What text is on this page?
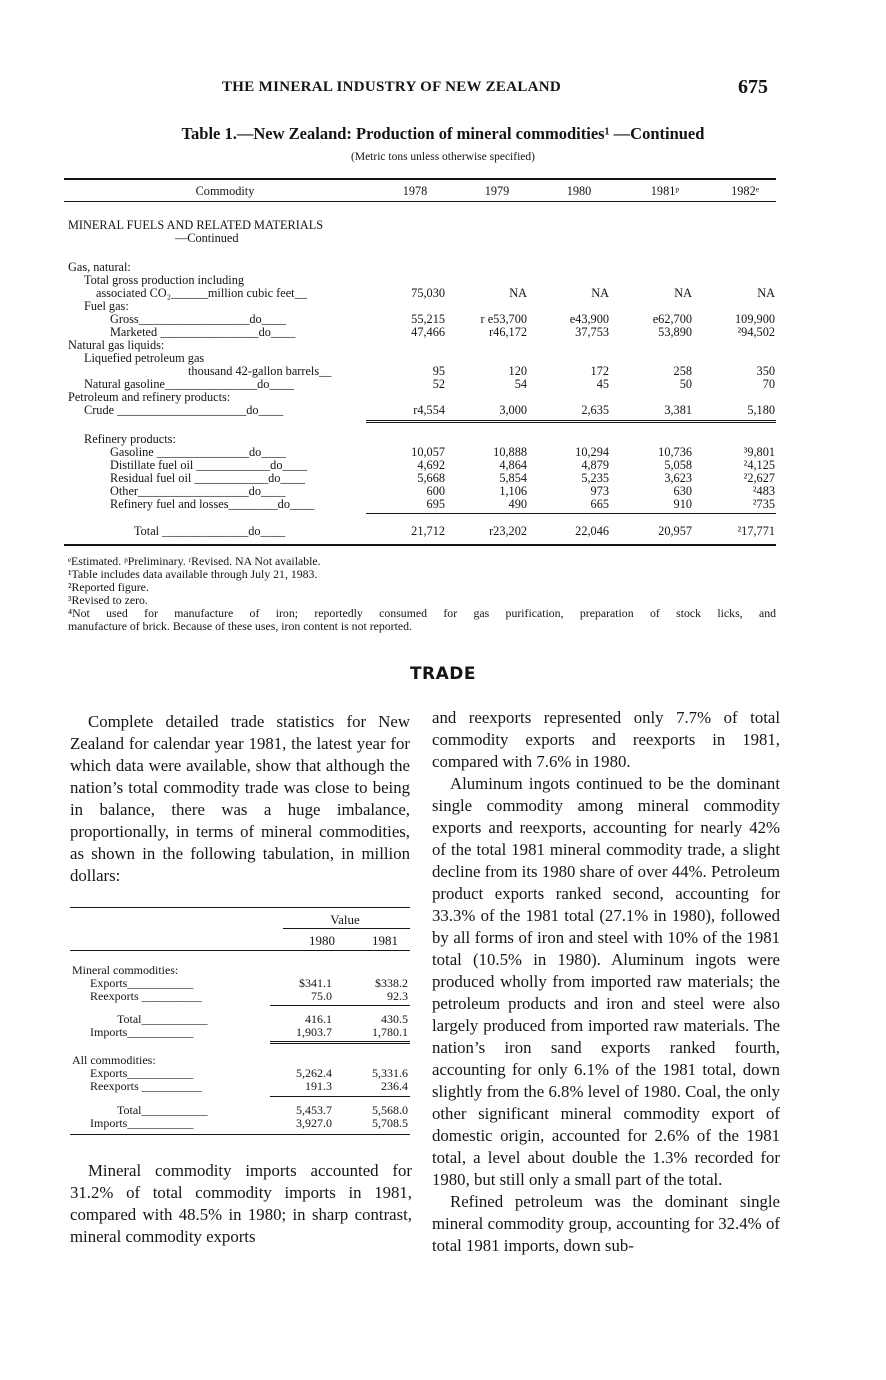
THE MINERAL INDUSTRY OF NEW ZEALAND	675
Table 1.—New Zealand: Production of mineral commodities¹ —Continued
(Metric tons unless otherwise specified)
Commodity	1978	1979	1980	1981ᵖ	1982ᵉ
MINERAL FUELS AND RELATED MATERIALS
—Continued
Gas, natural:
Total gross production including
associated CO₂______million cubic feet__	75,030	NA	NA	NA	NA
Fuel gas:
Gross__________________do____	55,215	r e53,700	e43,900	e62,700	109,900
Marketed ________________do____	47,466	r46,172	37,753	53,890	²94,502
Natural gas liquids:
Liquefied petroleum gas
thousand 42-gallon barrels__	95	120	172	258	350
Natural gasoline_______________do____	52	54	45	50	70
Petroleum and refinery products:
Crude _____________________do____	r4,554	3,000	2,635	3,381	5,180
Refinery products:
Gasoline _______________do____	10,057	10,888	10,294	10,736	³9,801
Distillate fuel oil ____________do____	4,692	4,864	4,879	5,058	²4,125
Residual fuel oil ____________do____	5,668	5,854	5,235	3,623	²2,627
Other__________________do____	600	1,106	973	630	²483
Refinery fuel and losses________do____	695	490	665	910	²735
Total ______________do____	21,712	r23,202	22,046	20,957	²17,771
ᵉEstimated. ᵖPreliminary. ʳRevised. NA Not available.
¹Table includes data available through July 21, 1983.
²Reported figure.
³Revised to zero.
⁴Not used for manufacture of iron; reportedly consumed for gas purification, preparation of stock licks, and
manufacture of brick. Because of these uses, iron content is not reported.
TRADE

Complete detailed trade statistics for New Zealand for calendar year 1981, the latest year for which data were available, show that although the nation’s total commodity trade was close to being in balance, there was a huge imbalance, proportionally, in terms of mineral commodities, as shown in the following tabulation, in million dollars:

Value
1980	1981
Mineral commodities:
Exports___________	$341.1	$338.2
Reexports __________	75.0	92.3
Total___________	416.1	430.5
Imports___________	1,903.7	1,780.1
All commodities:
Exports___________	5,262.4	5,331.6
Reexports __________	191.3	236.4
Total___________	5,453.7	5,568.0
Imports___________	3,927.0	5,708.5

Mineral commodity imports accounted for 31.2% of total commodity imports in 1981, compared with 48.5% in 1980; in sharp contrast, mineral commodity exports

and reexports represented only 7.7% of total commodity exports and reexports in 1981, compared with 7.6% in 1980.

Aluminum ingots continued to be the dominant single commodity among mineral commodity exports and reexports, accounting for nearly 42% of the total 1981 mineral commodity trade, a slight decline from its 1980 share of over 44%. Petroleum product exports ranked second, accounting for 33.3% of the 1981 total (27.1% in 1980), followed by all forms of iron and steel with 10% of the 1981 total (10.5% in 1980). Aluminum ingots were produced wholly from imported raw materials; the petroleum products and iron and steel were also largely produced from imported raw materials. The nation’s iron sand exports ranked fourth, accounting for only 6.1% of the 1981 total, down slightly from the 6.8% level of 1980. Coal, the only other significant mineral commodity export of domestic origin, accounted for 2.6% of the 1981 total, a level about double the 1.3% recorded for 1980, but still only a small part of the total.

Refined petroleum was the dominant single mineral commodity group, accounting for 32.4% of total 1981 imports, down sub-
